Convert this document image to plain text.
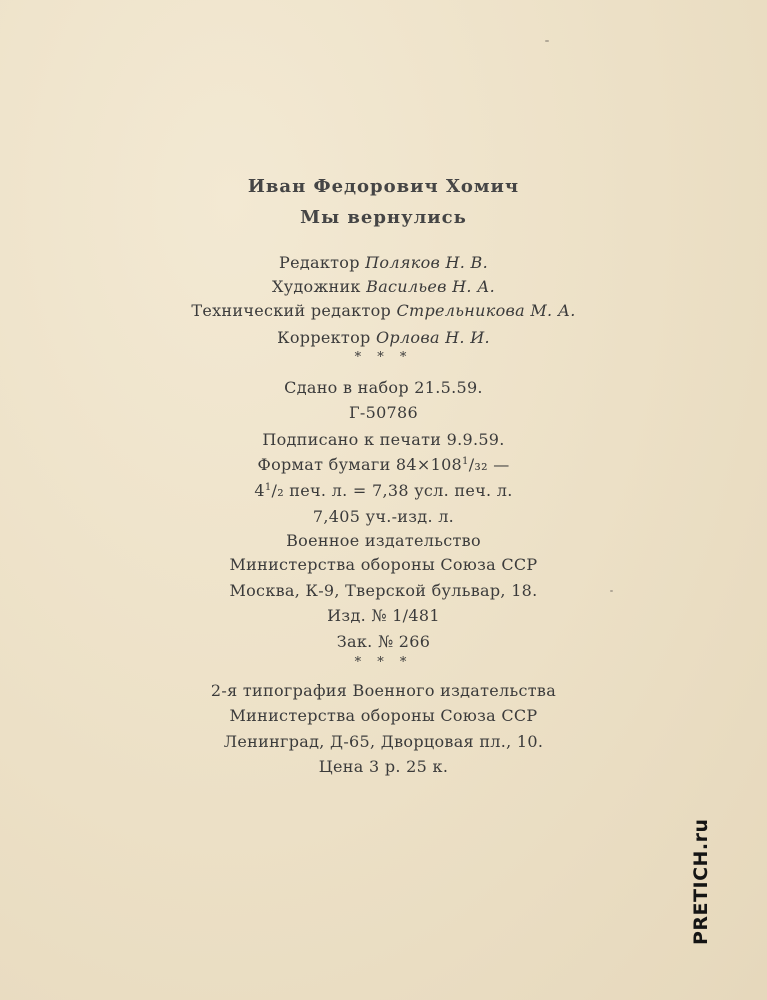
Иван Федорович Хомич
Мы вернулись
Редактор Поляков Н. В.
Художник Васильев Н. А.
Технический редактор Стрельникова М. А.
Корректор Орлова Н. И.
* * *
Сдано в набор 21.5.59.
Г-50786
Подписано к печати 9.9.59.
Формат бумаги $84\times 108^1/_{32}$ —
$4^1/_2$ печ. л. = 7,38 усл. печ. л.
7,405 уч.-изд. л.
Военное издательство
Министерства обороны Союза ССР
Москва, К-9, Тверской бульвар, 18.
Изд. № 1/481
Зак. № 266
* * *
2-я типография Военного издательства
Министерства обороны Союза ССР
Ленинград, Д-65, Дворцовая пл., 10.
Цена 3 р. 25 к.
PRETICH.ru
